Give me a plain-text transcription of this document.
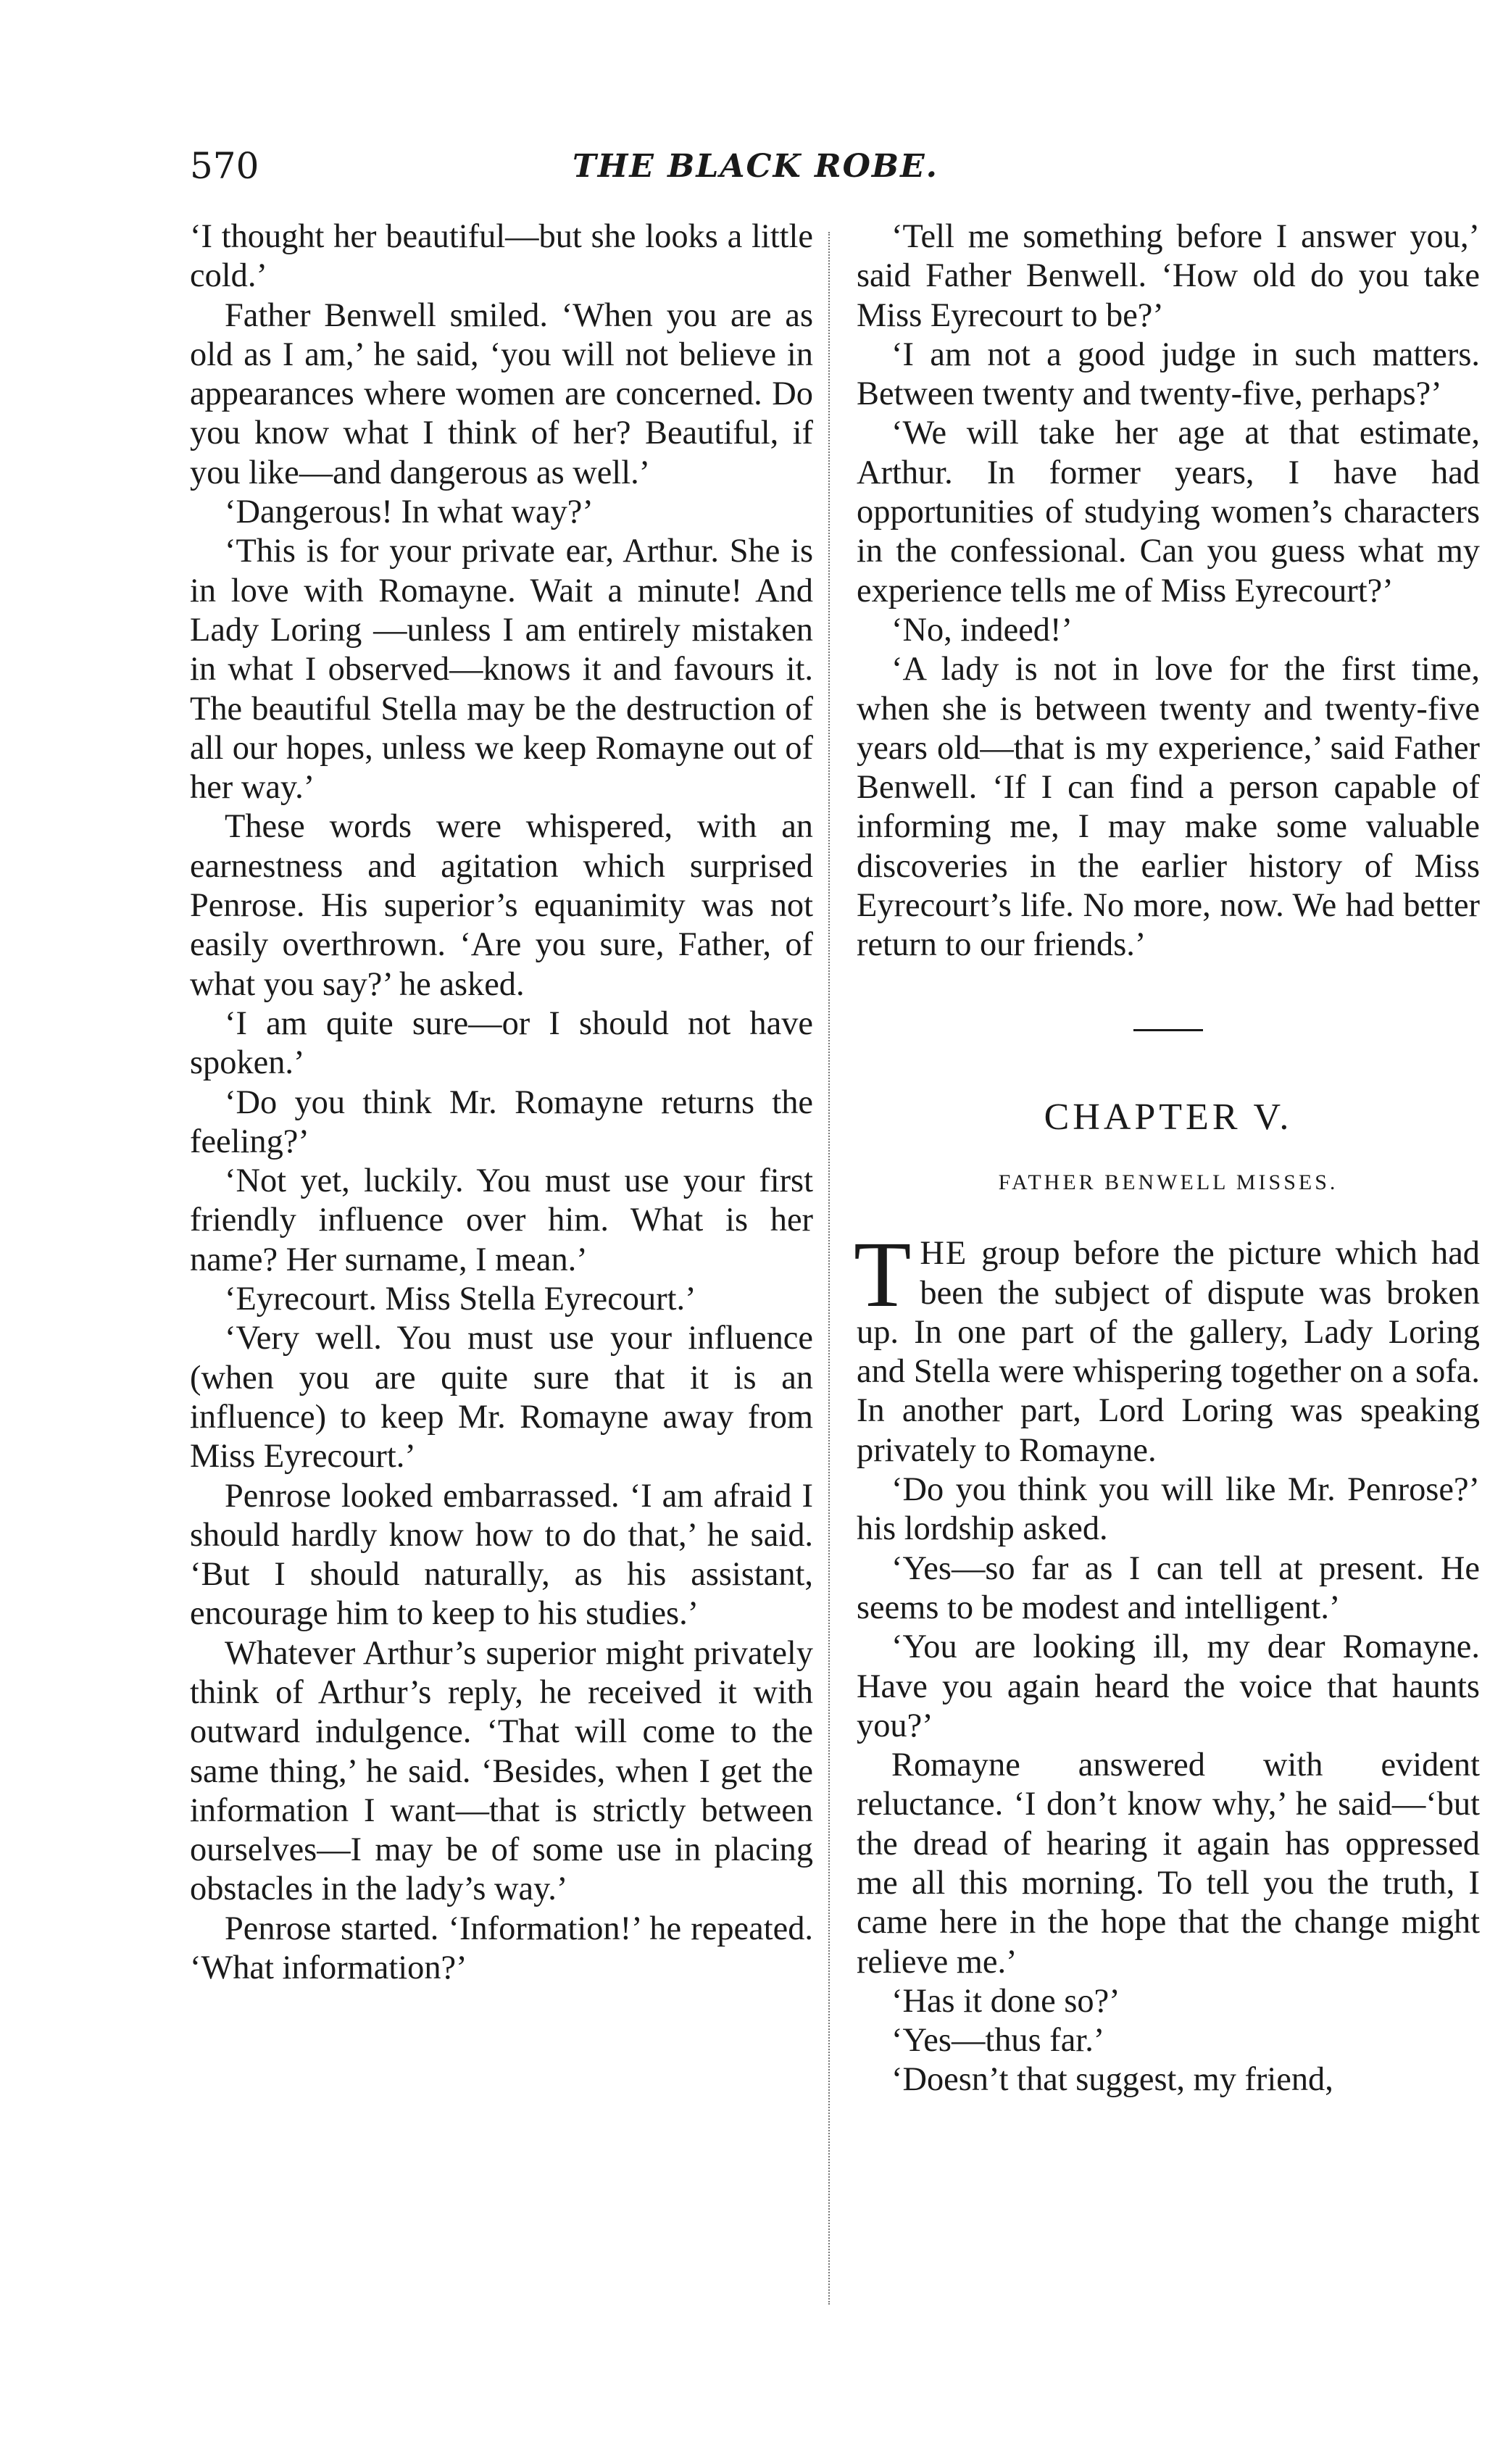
570	THE BLACK ROBE.

‘I thought her beautiful—but she looks a little cold.’

Father Benwell smiled. ‘When you are as old as I am,’ he said, ‘you will not believe in appearances where women are concerned. Do you know what I think of her? Beautiful, if you like—and dangerous as well.’

‘Dangerous! In what way?’

‘This is for your private ear, Arthur. She is in love with Romayne. Wait a minute! And Lady Loring —unless I am entirely mistaken in what I observed—knows it and favours it. The beautiful Stella may be the destruction of all our hopes, unless we keep Romayne out of her way.’

These words were whispered, with an earnestness and agitation which surprised Penrose. His superior’s equanimity was not easily overthrown. ‘Are you sure, Father, of what you say?’ he asked.

‘I am quite sure—or I should not have spoken.’

‘Do you think Mr. Romayne returns the feeling?’

‘Not yet, luckily. You must use your first friendly influence over him. What is her name? Her surname, I mean.’

‘Eyrecourt. Miss Stella Eyrecourt.’

‘Very well. You must use your influence (when you are quite sure that it is an influence) to keep Mr. Romayne away from Miss Eyrecourt.’

Penrose looked embarrassed. ‘I am afraid I should hardly know how to do that,’ he said. ‘But I should naturally, as his assistant, encourage him to keep to his studies.’

Whatever Arthur’s superior might privately think of Arthur’s reply, he received it with outward indulgence. ‘That will come to the same thing,’ he said. ‘Besides, when I get the information I want—that is strictly between ourselves—I may be of some use in placing obstacles in the lady’s way.’

Penrose started. ‘Information!’ he repeated. ‘What information?’

‘Tell me something before I answer you,’ said Father Benwell. ‘How old do you take Miss Eyrecourt to be?’

‘I am not a good judge in such matters. Between twenty and twenty-five, perhaps?’

‘We will take her age at that estimate, Arthur. In former years, I have had opportunities of studying women’s characters in the confessional. Can you guess what my experience tells me of Miss Eyrecourt?’

‘No, indeed!’

‘A lady is not in love for the first time, when she is between twenty and twenty-five years old—that is my experience,’ said Father Benwell. ‘If I can find a person capable of informing me, I may make some valuable discoveries in the earlier history of Miss Eyrecourt’s life. No more, now. We had better return to our friends.’

CHAPTER V.
FATHER BENWELL MISSES.

THE group before the picture which had been the subject of dispute was broken up. In one part of the gallery, Lady Loring and Stella were whispering together on a sofa. In another part, Lord Loring was speaking privately to Romayne.

‘Do you think you will like Mr. Penrose?’ his lordship asked.

‘Yes—so far as I can tell at present. He seems to be modest and intelligent.’

‘You are looking ill, my dear Romayne. Have you again heard the voice that haunts you?’

Romayne answered with evident reluctance. ‘I don’t know why,’ he said—‘but the dread of hearing it again has oppressed me all this morning. To tell you the truth, I came here in the hope that the change might relieve me.’

‘Has it done so?’

‘Yes—thus far.’

‘Doesn’t that suggest, my friend,
